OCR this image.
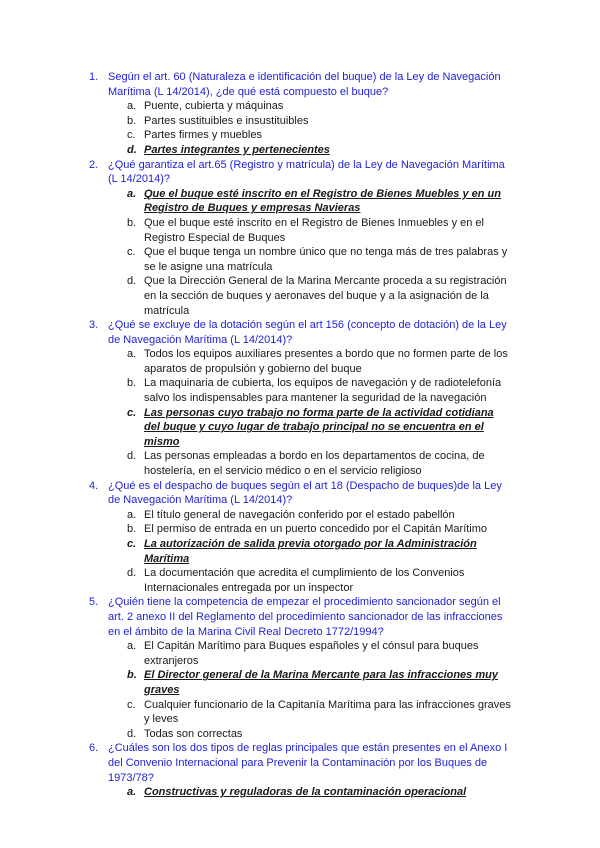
1. Según el art. 60 (Naturaleza e identificación del buque) de la Ley de Navegación Marítima (L 14/2014), ¿de qué está compuesto el buque?
a. Puente, cubierta y máquinas
b. Partes sustituibles e insustituibles
c. Partes firmes y muebles
d. Partes integrantes y pertenecientes
2. ¿Qué garantiza el art.65 (Registro y matrícula) de la Ley de Navegación Marítima (L 14/2014)?
a. Que el buque esté inscrito en el Registro de Bienes Muebles y en un Registro de Buques y empresas Navieras
b. Que el buque esté inscrito en el Registro de Bienes Inmuebles y en el Registro Especial de Buques
c. Que el buque tenga un nombre único que no tenga más de tres palabras y se le asigne una matrícula
d. Que la Dirección General de la Marina Mercante proceda a su registración en la sección de buques y aeronaves del buque y a la asignación de la matrícula
3. ¿Qué se excluye de la dotación según el art 156 (concepto de dotación) de la Ley de Navegación Marítima (L 14/2014)?
a. Todos los equipos auxiliares presentes a bordo que no formen parte de los aparatos de propulsión y gobierno del buque
b. La maquinaria de cubierta, los equipos de navegación y de radiotelefonía salvo los indispensables para mantener la seguridad de la navegación
c. Las personas cuyo trabajo no forma parte de la actividad cotidiana del buque y cuyo lugar de trabajo principal no se encuentra en el mismo
d. Las personas empleadas a bordo en los departamentos de cocina, de hostelería, en el servicio médico o en el servicio religioso
4. ¿Qué es el despacho de buques según el art 18 (Despacho de buques)de la Ley de Navegación Marítima (L 14/2014)?
a. El título general de navegación conferido por el estado pabellón
b. El permiso de entrada en un puerto concedido por el Capitán Marítimo
c. La autorización de salida previa otorgado por la Administración Marítima
d. La documentación que acredita el cumplimiento de los Convenios Internacionales entregada por un inspector
5. ¿Quién tiene la competencia de empezar el procedimiento sancionador según el art. 2 anexo II del Reglamento del procedimiento sancionador de las infracciones en el ámbito de la Marina Civil Real Decreto 1772/1994?
a. El Capitán Marítimo para Buques españoles y el cónsul para buques extranjeros
b. El Director general de la Marina Mercante para las infracciones muy graves
c. Cualquier funcionario de la Capitanía Marítima para las infracciones graves y leves
d. Todas son correctas
6. ¿Cuáles son los dos tipos de reglas principales que están presentes en el Anexo I del Convenio Internacional para Prevenir la Contaminación por los Buques de 1973/78?
a. Constructivas y reguladoras de la contaminación operacional
